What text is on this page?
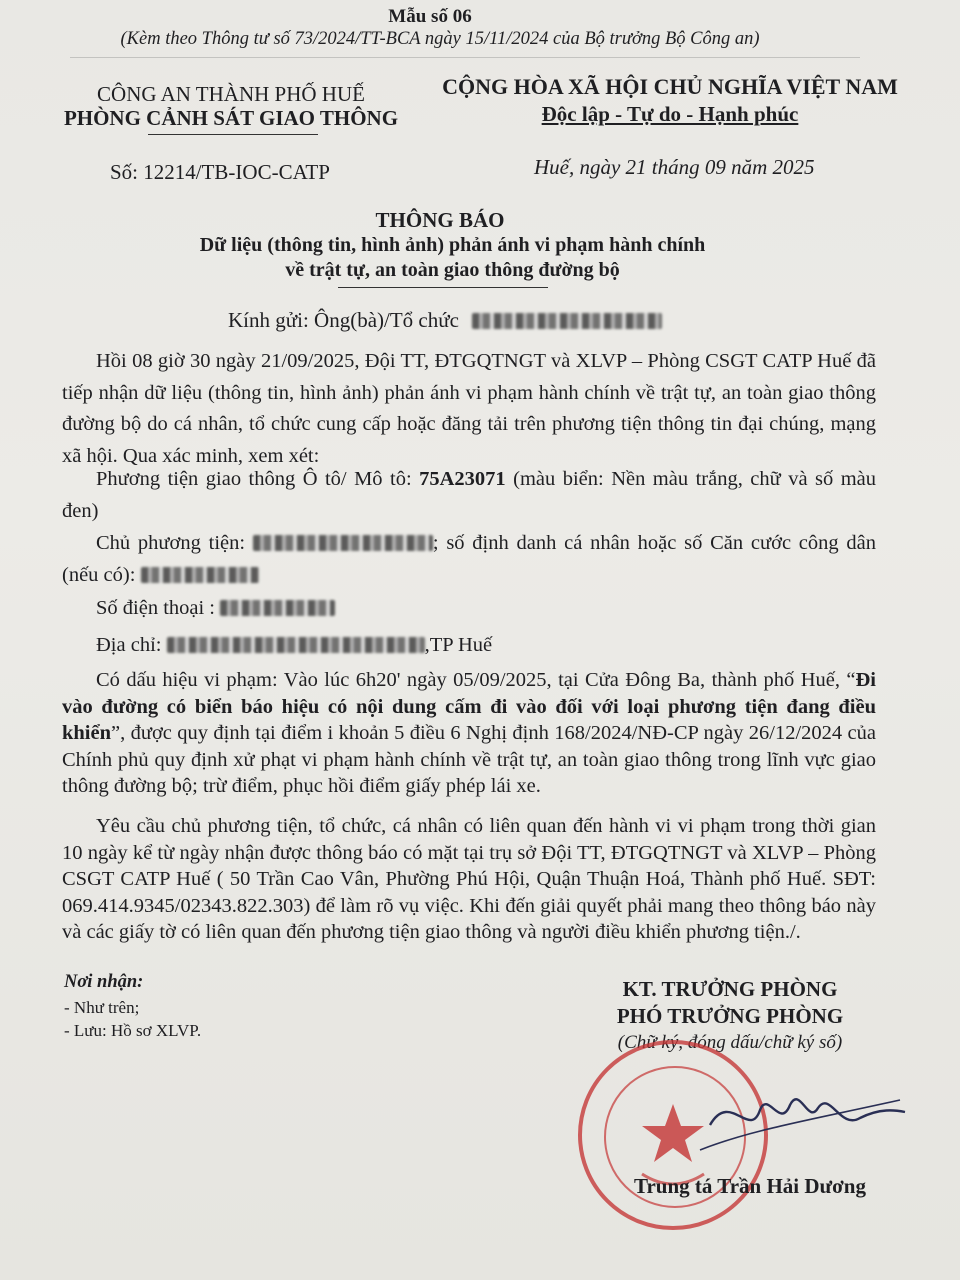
Mẫu số 06
(Kèm theo Thông tư số 73/2024/TT-BCA ngày 15/11/2024 của Bộ trưởng Bộ Công an)
CÔNG AN THÀNH PHỐ HUẾ
PHÒNG CẢNH SÁT GIAO THÔNG
CỘNG HÒA XÃ HỘI CHỦ NGHĨA VIỆT NAM
Độc lập - Tự do - Hạnh phúc
Số: 12214/TB-IOC-CATP	Huế, ngày 21 tháng 09 năm 2025
THÔNG BÁO
Dữ liệu (thông tin, hình ảnh) phản ánh vi phạm hành chính
về trật tự, an toàn giao thông đường bộ
Kính gửi: Ông(bà)/Tổ chức

Hồi 08 giờ 30 ngày 21/09/2025, Đội TT, ĐTGQTNGT và XLVP – Phòng CSGT CATP Huế đã tiếp nhận dữ liệu (thông tin, hình ảnh) phản ánh vi phạm hành chính về trật tự, an toàn giao thông đường bộ do cá nhân, tổ chức cung cấp hoặc đăng tải trên phương tiện thông tin đại chúng, mạng xã hội. Qua xác minh, xem xét:

Phương tiện giao thông Ô tô/ Mô tô: 75A23071 (màu biển: Nền màu trắng, chữ và số màu đen)

Chủ phương tiện:	; số định danh cá nhân hoặc số Căn cước công dân (nếu có):

Số điện thoại :

Địa chỉ:	,TP Huế

Có dấu hiệu vi phạm: Vào lúc 6h20' ngày 05/09/2025, tại Cửa Đông Ba, thành phố Huế, “Đi vào đường có biển báo hiệu có nội dung cấm đi vào đối với loại phương tiện đang điều khiển”, được quy định tại điểm i khoản 5 điều 6 Nghị định 168/2024/NĐ-CP ngày 26/12/2024 của Chính phủ quy định xử phạt vi phạm hành chính về trật tự, an toàn giao thông trong lĩnh vực giao thông đường bộ; trừ điểm, phục hồi điểm giấy phép lái xe.

Yêu cầu chủ phương tiện, tổ chức, cá nhân có liên quan đến hành vi vi phạm trong thời gian 10 ngày kể từ ngày nhận được thông báo có mặt tại trụ sở Đội TT, ĐTGQTNGT và XLVP – Phòng CSGT CATP Huế ( 50 Trần Cao Vân, Phường Phú Hội, Quận Thuận Hoá, Thành phố Huế. SĐT: 069.414.9345/02343.822.303) để làm rõ vụ việc. Khi đến giải quyết phải mang theo thông báo này và các giấy tờ có liên quan đến phương tiện giao thông và người điều khiển phương tiện./.

Nơi nhận:
- Như trên;
- Lưu: Hồ sơ XLVP.
KT. TRƯỞNG PHÒNG
PHÓ TRƯỞNG PHÒNG
(Chữ ký, đóng dấu/chữ ký số)
Trung tá Trần Hải Dương
